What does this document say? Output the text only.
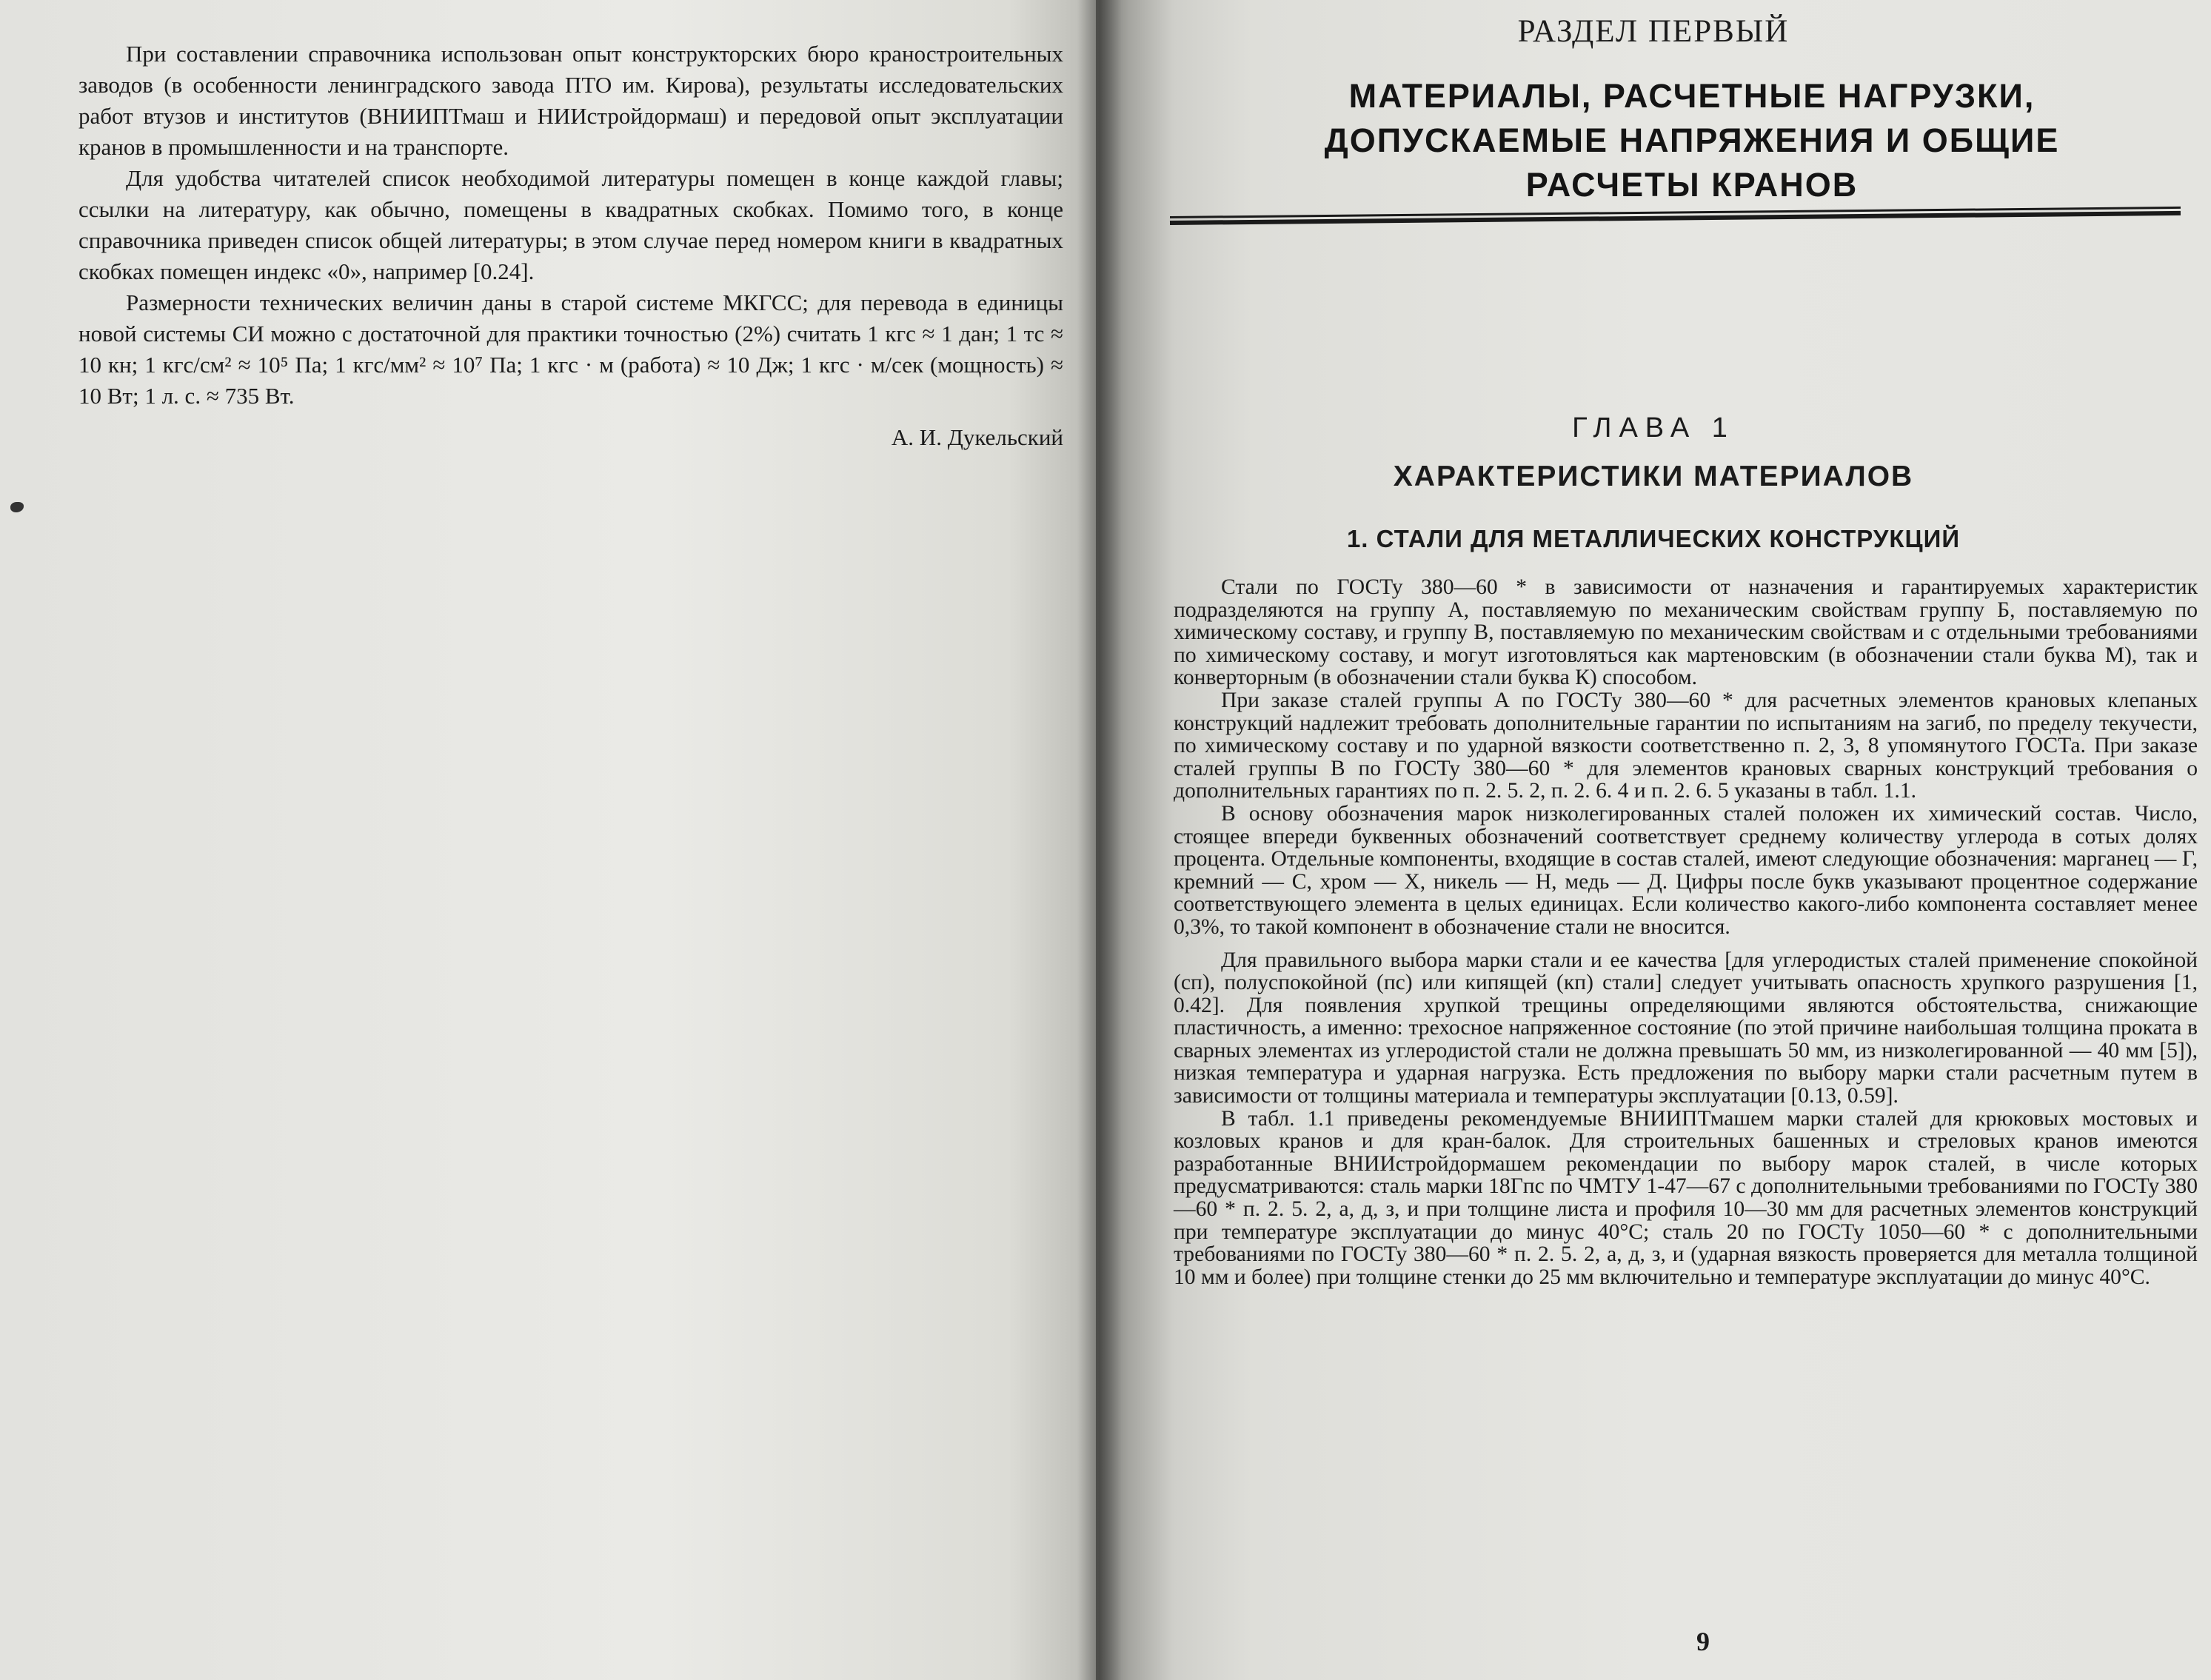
При составлении справочника использован опыт конструкторских бюро краностроительных заводов (в особенности ленинградского завода ПТО им. Кирова), результаты исследовательских работ втузов и институтов (ВНИИПТмаш и НИИстройдормаш) и передовой опыт эксплуатации кранов в промышленности и на транспорте.

Для удобства читателей список необходимой литературы помещен в конце каждой главы; ссылки на литературу, как обычно, помещены в квадратных скобках. Помимо того, в конце справочника приведен список общей литературы; в этом случае перед номером книги в квадратных скобках помещен индекс «0», например [0.24].

Размерности технических величин даны в старой системе МКГСС; для перевода в единицы новой системы СИ можно с достаточной для практики точностью (2%) считать 1 кгс ≈ 1 дан; 1 тс ≈ 10 кн; 1 кгс/см² ≈ 10⁵ Па; 1 кгс/мм² ≈ 10⁷ Па; 1 кгс · м (работа) ≈ 10 Дж; 1 кгс · м/сек (мощность) ≈ 10 Вт; 1 л. с. ≈ 735 Вт.

А. И. Дукельский
РАЗДЕЛ ПЕРВЫЙ
МАТЕРИАЛЫ, РАСЧЕТНЫЕ НАГРУЗКИ,
ДОПУСКАЕМЫЕ НАПРЯЖЕНИЯ И ОБЩИЕ
РАСЧЕТЫ КРАНОВ
ГЛАВА 1
ХАРАКТЕРИСТИКИ МАТЕРИАЛОВ
1. СТАЛИ ДЛЯ МЕТАЛЛИЧЕСКИХ КОНСТРУКЦИЙ

Стали по ГОСТу 380—60 * в зависимости от назначения и гарантируемых характеристик подразделяются на группу А, поставляемую по механическим свойствам группу Б, поставляемую по химическому составу, и группу В, поставляемую по механическим свойствам и с отдельными требованиями по химическому составу, и могут изготовляться как мартеновским (в обозначении стали буква М), так и конверторным (в обозначении стали буква К) способом.

При заказе сталей группы А по ГОСТу 380—60 * для расчетных элементов крановых клепаных конструкций надлежит требовать дополнительные гарантии по испытаниям на загиб, по пределу текучести, по химическому составу и по ударной вязкости соответственно п. 2, 3, 8 упомянутого ГОСТа. При заказе сталей группы В по ГОСТу 380—60 * для элементов крановых сварных конструкций требования о дополнительных гарантиях по п. 2. 5. 2, п. 2. 6. 4 и п. 2. 6. 5 указаны в табл. 1.1.

В основу обозначения марок низколегированных сталей положен их химический состав. Число, стоящее впереди буквенных обозначений соответствует среднему количеству углерода в сотых долях процента. Отдельные компоненты, входящие в состав сталей, имеют следующие обозначения: марганец — Г, кремний — С, хром — Х, никель — Н, медь — Д. Цифры после букв указывают процентное содержание соответствующего элемента в целых единицах. Если количество какого-либо компонента составляет менее 0,3%, то такой компонент в обозначение стали не вносится.

Для правильного выбора марки стали и ее качества [для углеродистых сталей применение спокойной (сп), полуспокойной (пс) или кипящей (кп) стали] следует учитывать опасность хрупкого разрушения [1, 0.42]. Для появления хрупкой трещины определяющими являются обстоятельства, снижающие пластичность, а именно: трехосное напряженное состояние (по этой причине наибольшая толщина проката в сварных элементах из углеродистой стали не должна превышать 50 мм, из низколегированной — 40 мм [5]), низкая температура и ударная нагрузка. Есть предложения по выбору марки стали расчетным путем в зависимости от толщины материала и температуры эксплуатации [0.13, 0.59].

В табл. 1.1 приведены рекомендуемые ВНИИПТмашем марки сталей для крюковых мостовых и козловых кранов и для кран-балок. Для строительных башенных и стреловых кранов имеются разработанные ВНИИстройдормашем рекомендации по выбору марок сталей, в числе которых предусматриваются: сталь марки 18Гпс по ЧМТУ 1-47—67 с дополнительными требованиями по ГОСТу 380—60 * п. 2. 5. 2, а, д, з, и при толщине листа и профиля 10—30 мм для расчетных элементов конструкций при температуре эксплуатации до минус 40°С; сталь 20 по ГОСТу 1050—60 * с дополнительными требованиями по ГОСТу 380—60 * п. 2. 5. 2, а, д, з, и (ударная вязкость проверяется для металла толщиной 10 мм и более) при толщине стенки до 25 мм включительно и температуре эксплуатации до минус 40°С.

9
